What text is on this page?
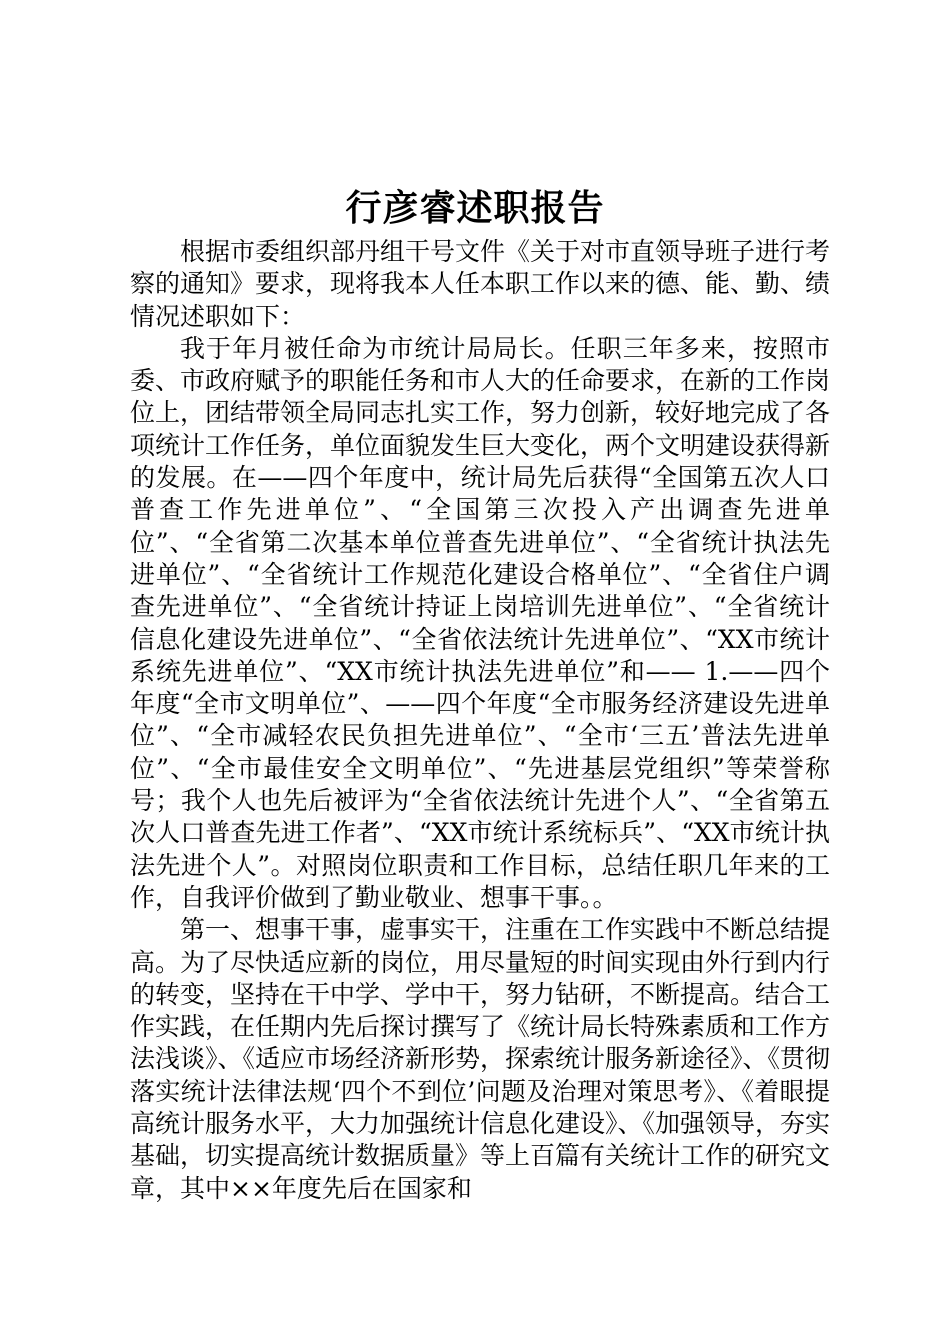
行彦睿述职报告

根据市委组织部丹组干号文件《关于对市直领导班子进行考察的通知》要求，现将我本人任本职工作以来的德、能、勤、绩情况述职如下：

我于年月被任命为市统计局局长。任职三年多来，按照市委、市政府赋予的职能任务和市人大的任命要求，在新的工作岗位上，团结带领全局同志扎实工作，努力创新，较好地完成了各项统计工作任务，单位面貌发生巨大变化，两个文明建设获得新的发展。在——四个年度中，统计局先后获得“全国第五次人口普查工作先进单位”、“全国第三次投入产出调查先进单位”、“全省第二次基本单位普查先进单位”、“全省统计执法先进单位”、“全省统计工作规范化建设合格单位”、“全省住户调查先进单位”、“全省统计持证上岗培训先进单位”、“全省统计信息化建设先进单位”、“全省依法统计先进单位”、“XX市统计系统先进单位”、“XX市统计执法先进单位”和—— 1.——四个年度“全市文明单位”、——四个年度“全市服务经济建设先进单位”、“全市减轻农民负担先进单位”、“全市‘三五’普法先进单位”、“全市最佳安全文明单位”、“先进基层党组织”等荣誉称号；我个人也先后被评为“全省依法统计先进个人”、“全省第五次人口普查先进工作者”、“XX市统计系统标兵”、“XX市统计执法先进个人”。对照岗位职责和工作目标，总结任职几年来的工作，自我评价做到了勤业敬业、想事干事。。

第一、想事干事，虚事实干，注重在工作实践中不断总结提高。为了尽快适应新的岗位，用尽量短的时间实现由外行到内行的转变，坚持在干中学、学中干，努力钻研，不断提高。结合工作实践，在任期内先后探讨撰写了《统计局长特殊素质和工作方法浅谈》、《适应市场经济新形势，探索统计服务新途径》、《贯彻落实统计法律法规‘四个不到位’问题及治理对策思考》、《着眼提高统计服务水平，大力加强统计信息化建设》、《加强领导，夯实基础，切实提高统计数据质量》等上百篇有关统计工作的研究文章，其中××年度先后在国家和
